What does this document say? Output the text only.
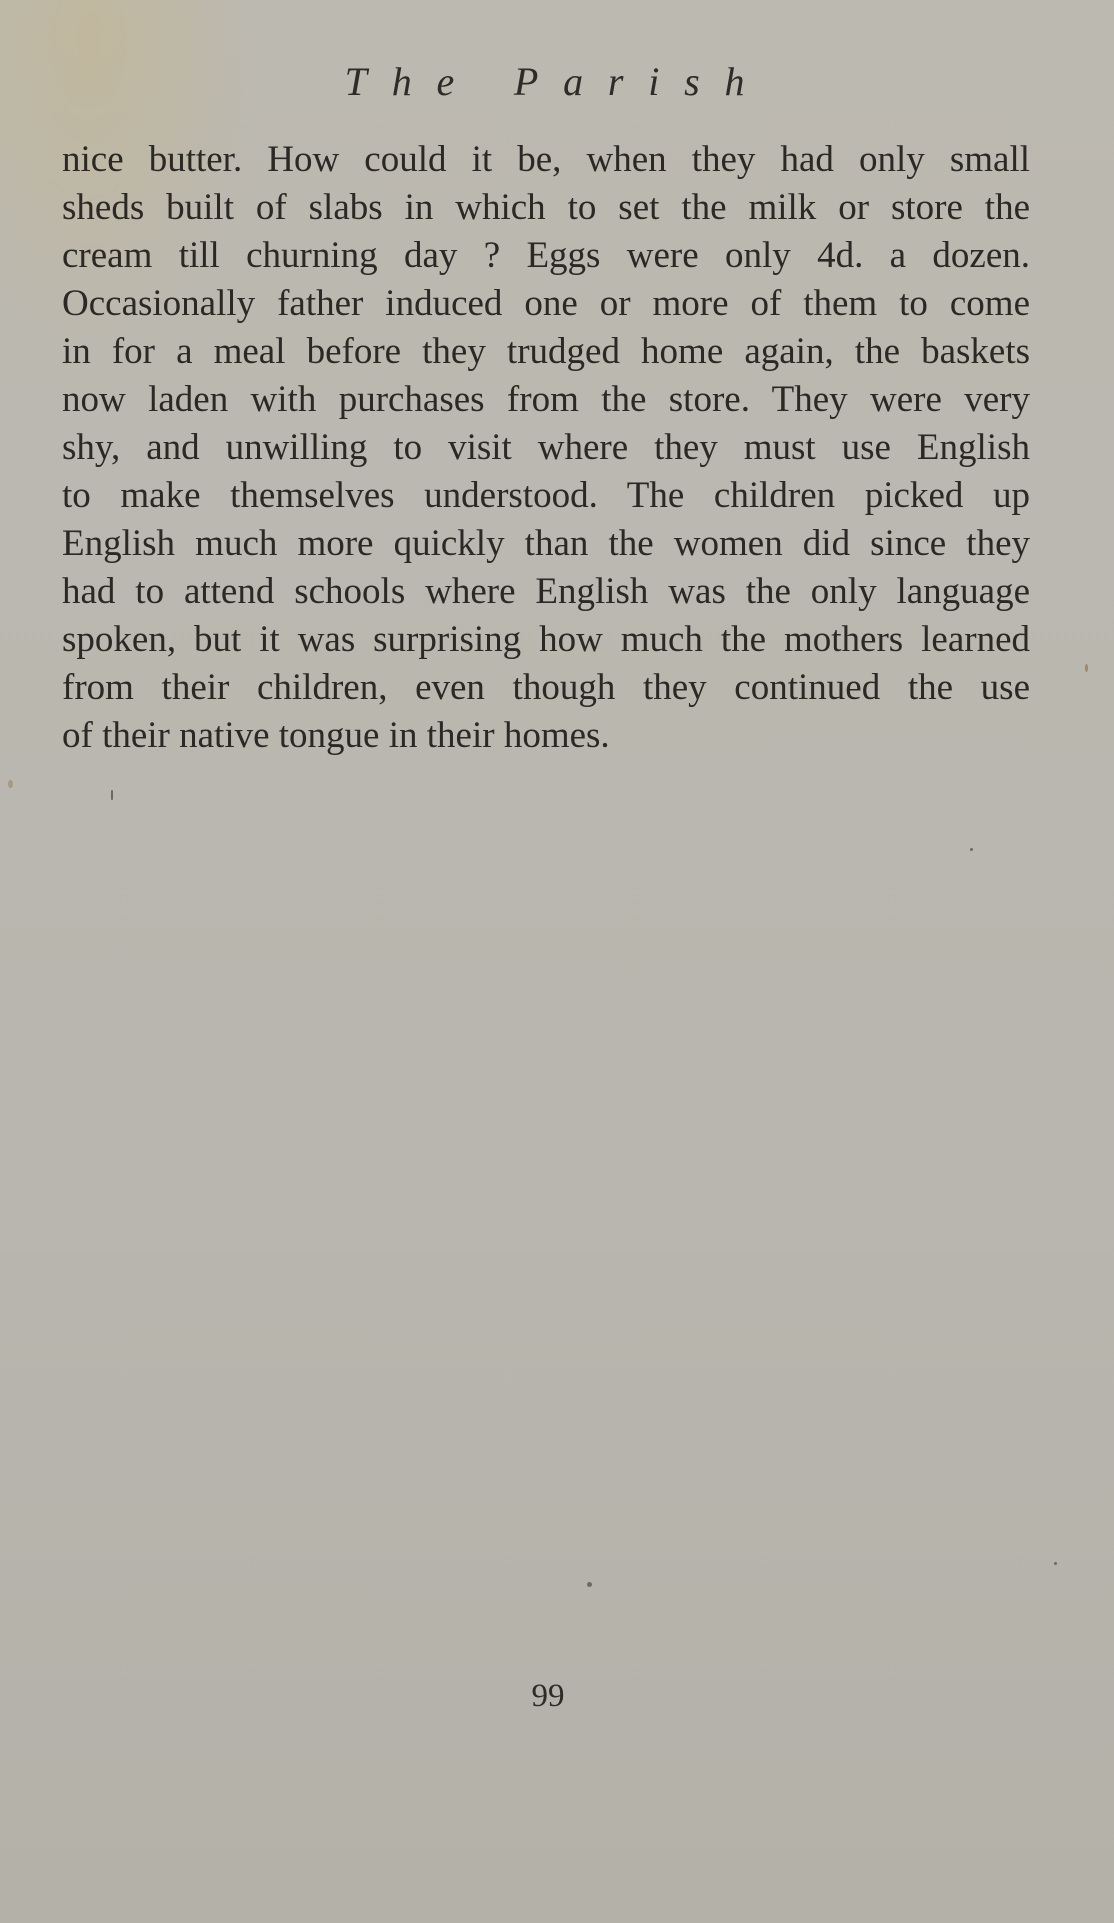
The Parish
nice butter. How could it be, when they had only small
sheds built of slabs in which to set the milk or store the
cream till churning day ? Eggs were only 4d. a dozen.
Occasionally father induced one or more of them to come
in for a meal before they trudged home again, the baskets
now laden with purchases from the store. They were very
shy, and unwilling to visit where they must use English
to make themselves understood. The children picked up
English much more quickly than the women did since they
had to attend schools where English was the only language
spoken, but it was surprising how much the mothers learned
from their children, even though they continued the use
of their native tongue in their homes.
99
